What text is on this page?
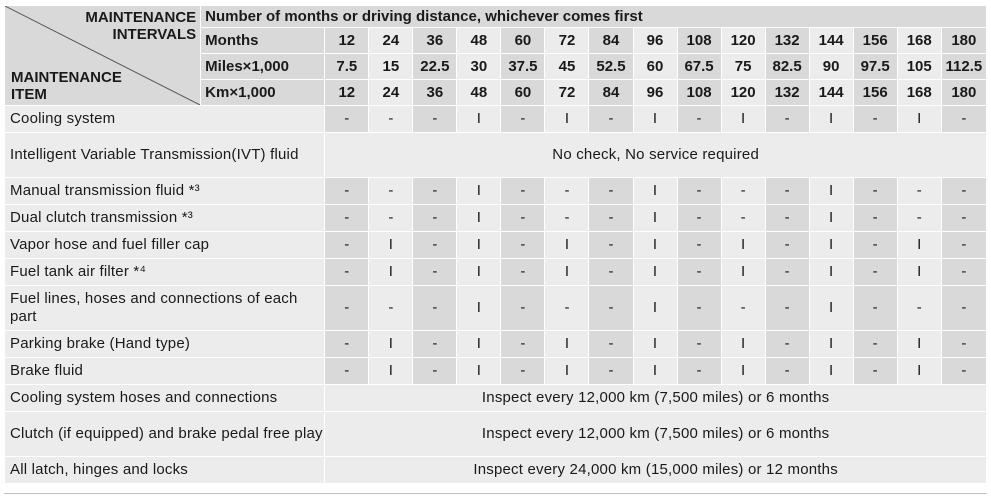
MAINTENANCE
INTERVALS
MAINTENANCE
ITEM	Number of months or driving distance, whichever comes first															
	Months	12	24	36	48	60	72	84	96	108	120	132	144	156	168	180
	Miles×1,000	7.5	15	22.5	30	37.5	45	52.5	60	67.5	75	82.5	90	97.5	105	112.5
	Km×1,000	12	24	36	48	60	72	84	96	108	120	132	144	156	168	180
Cooling system		-	-	-	I	-	I	-	I	-	I	-	I	-	I	-
Intelligent Variable Transmission(IVT) fluid		No check, No service required														
Manual transmission fluid *³		-	-	-	I	-	-	-	I	-	-	-	I	-	-	-
Dual clutch transmission *³		-	-	-	I	-	-	-	I	-	-	-	I	-	-	-
Vapor hose and fuel filler cap		-	I	-	I	-	I	-	I	-	I	-	I	-	I	-
Fuel tank air filter *⁴		-	I	-	I	-	I	-	I	-	I	-	I	-	I	-
Fuel lines, hoses and connections of each part		-	-	-	I	-	-	-	I	-	-	-	I	-	-	-
Parking brake (Hand type)		-	I	-	I	-	I	-	I	-	I	-	I	-	I	-
Brake fluid		-	I	-	I	-	I	-	I	-	I	-	I	-	I	-
Cooling system hoses and connections		Inspect every 12,000 km (7,500 miles) or 6 months														
Clutch (if equipped) and brake pedal free play		Inspect every 12,000 km (7,500 miles) or 6 months														
All latch, hinges and locks		Inspect every 24,000 km (15,000 miles) or 12 months														
